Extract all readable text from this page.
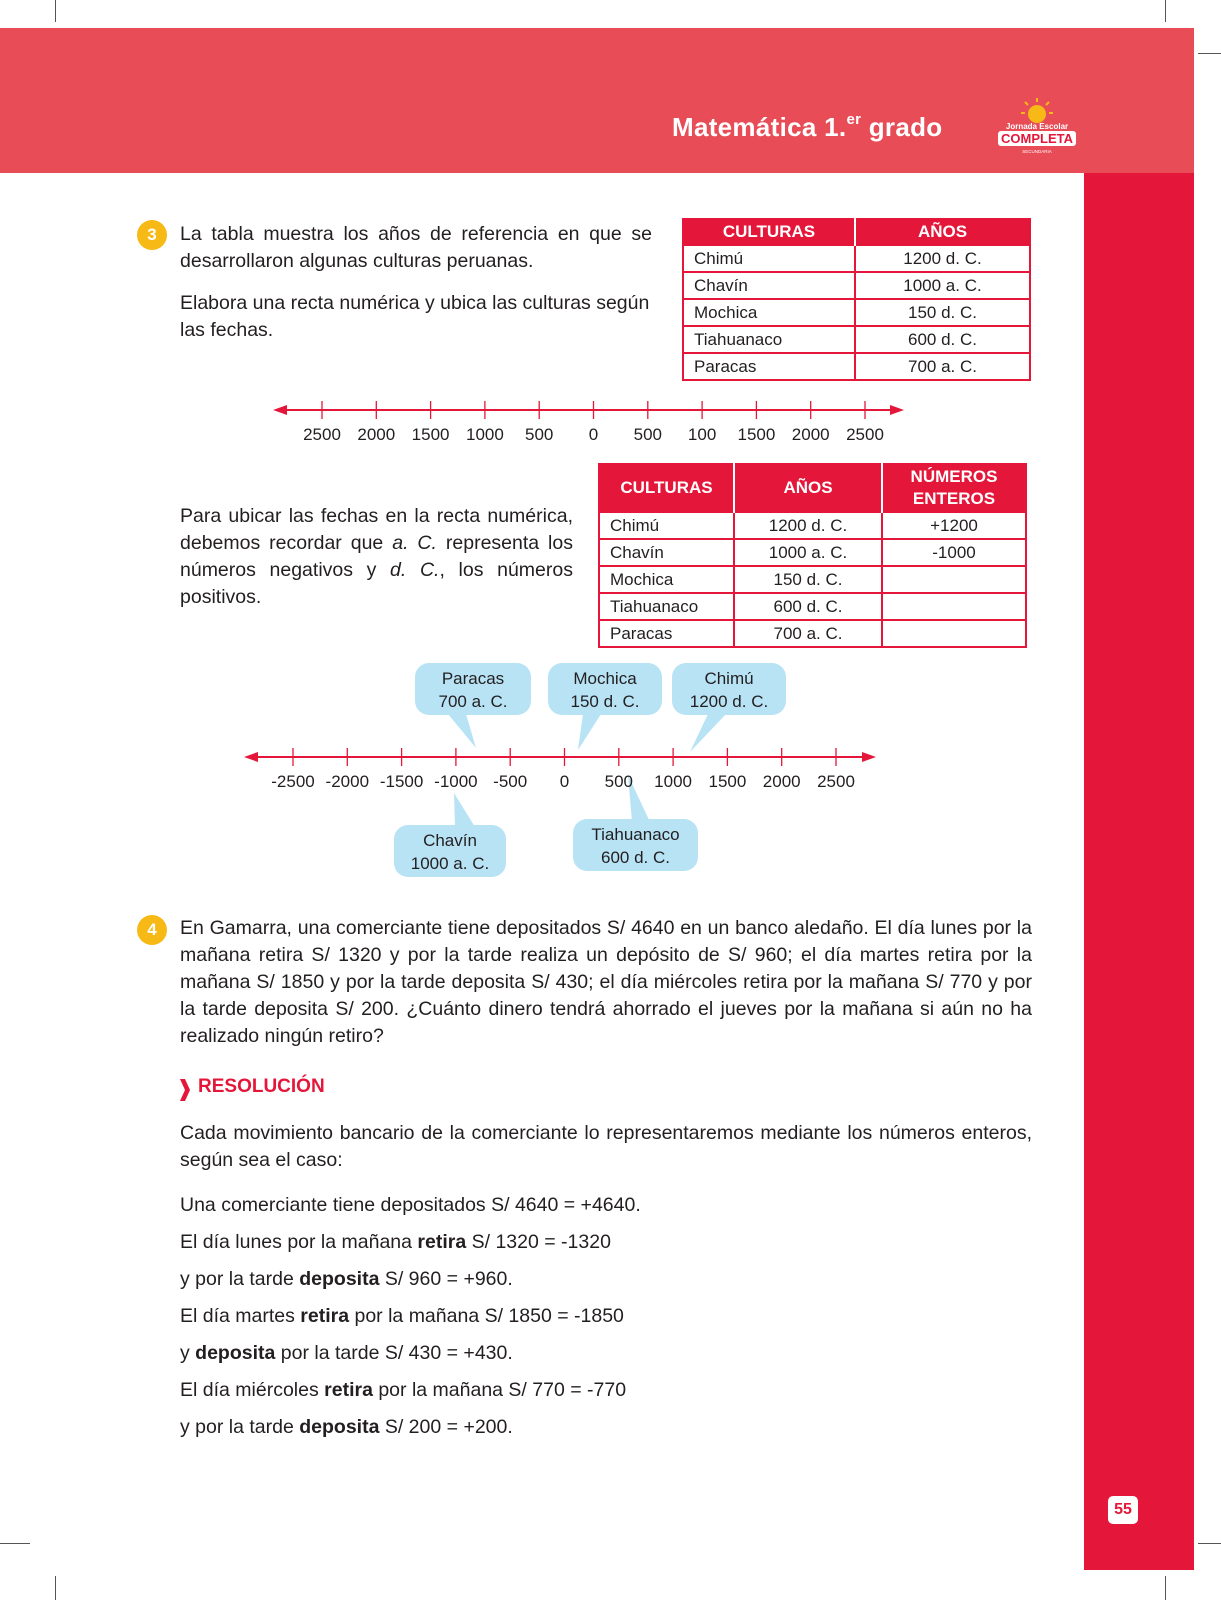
Matemática 1.$^{er}$ grado	Jornada Escolar
COMPLETA
SECUNDARIA
55
3	La tabla muestra los años de referencia en que se desarrollaron algunas culturas peruanas.
Elabora una recta numérica y ubica las culturas según las fechas.
CULTURAS	AÑOS
Chimú	1200 d. C.
Chavín	1000 a. C.
Mochica	150 d. C.
Tiahuanaco	600 d. C.
Paracas	700 a. C.
2500 2000 1500 1000 500 0 500 100 1500 2000 2500
Para ubicar las fechas en la recta numérica, debemos recordar que a. C. representa los números negativos y d. C., los números positivos.
CULTURAS	AÑOS	NÚMEROS ENTEROS
Chimú	1200 d. C.	+1200
Chavín	1000 a. C.	-1000
Mochica	150 d. C.	
Tiahuanaco	600 d. C.	
Paracas	700 a. C.	
-2500 -2000 -1500 -1000 -500 0 500 1000 1500 2000 2500
Paracas
700 a. C.
Mochica
150 d. C.
Chimú
1200 d. C.
Chavín
1000 a. C.
Tiahuanaco
600 d. C.
4	En Gamarra, una comerciante tiene depositados S/ 4640 en un banco aledaño. El día lunes por la mañana retira S/ 1320 y por la tarde realiza un depósito de S/ 960; el día martes retira por la mañana S/ 1850 y por la tarde deposita S/ 430; el día miércoles retira por la mañana S/ 770 y por la tarde deposita S/ 200. ¿Cuánto dinero tendrá ahorrado el jueves por la mañana si aún no ha realizado ningún retiro?
RESOLUCIÓN
Cada movimiento bancario de la comerciante lo representaremos mediante los números enteros, según sea el caso:
Una comerciante tiene depositados S/ 4640 = +4640.
El día lunes por la mañana retira S/ 1320 = -1320
y por la tarde deposita S/ 960 = +960.
El día martes retira por la mañana S/ 1850 = -1850
y deposita por la tarde S/ 430 = +430.
El día miércoles retira por la mañana S/ 770 = -770
y por la tarde deposita S/ 200 = +200.
